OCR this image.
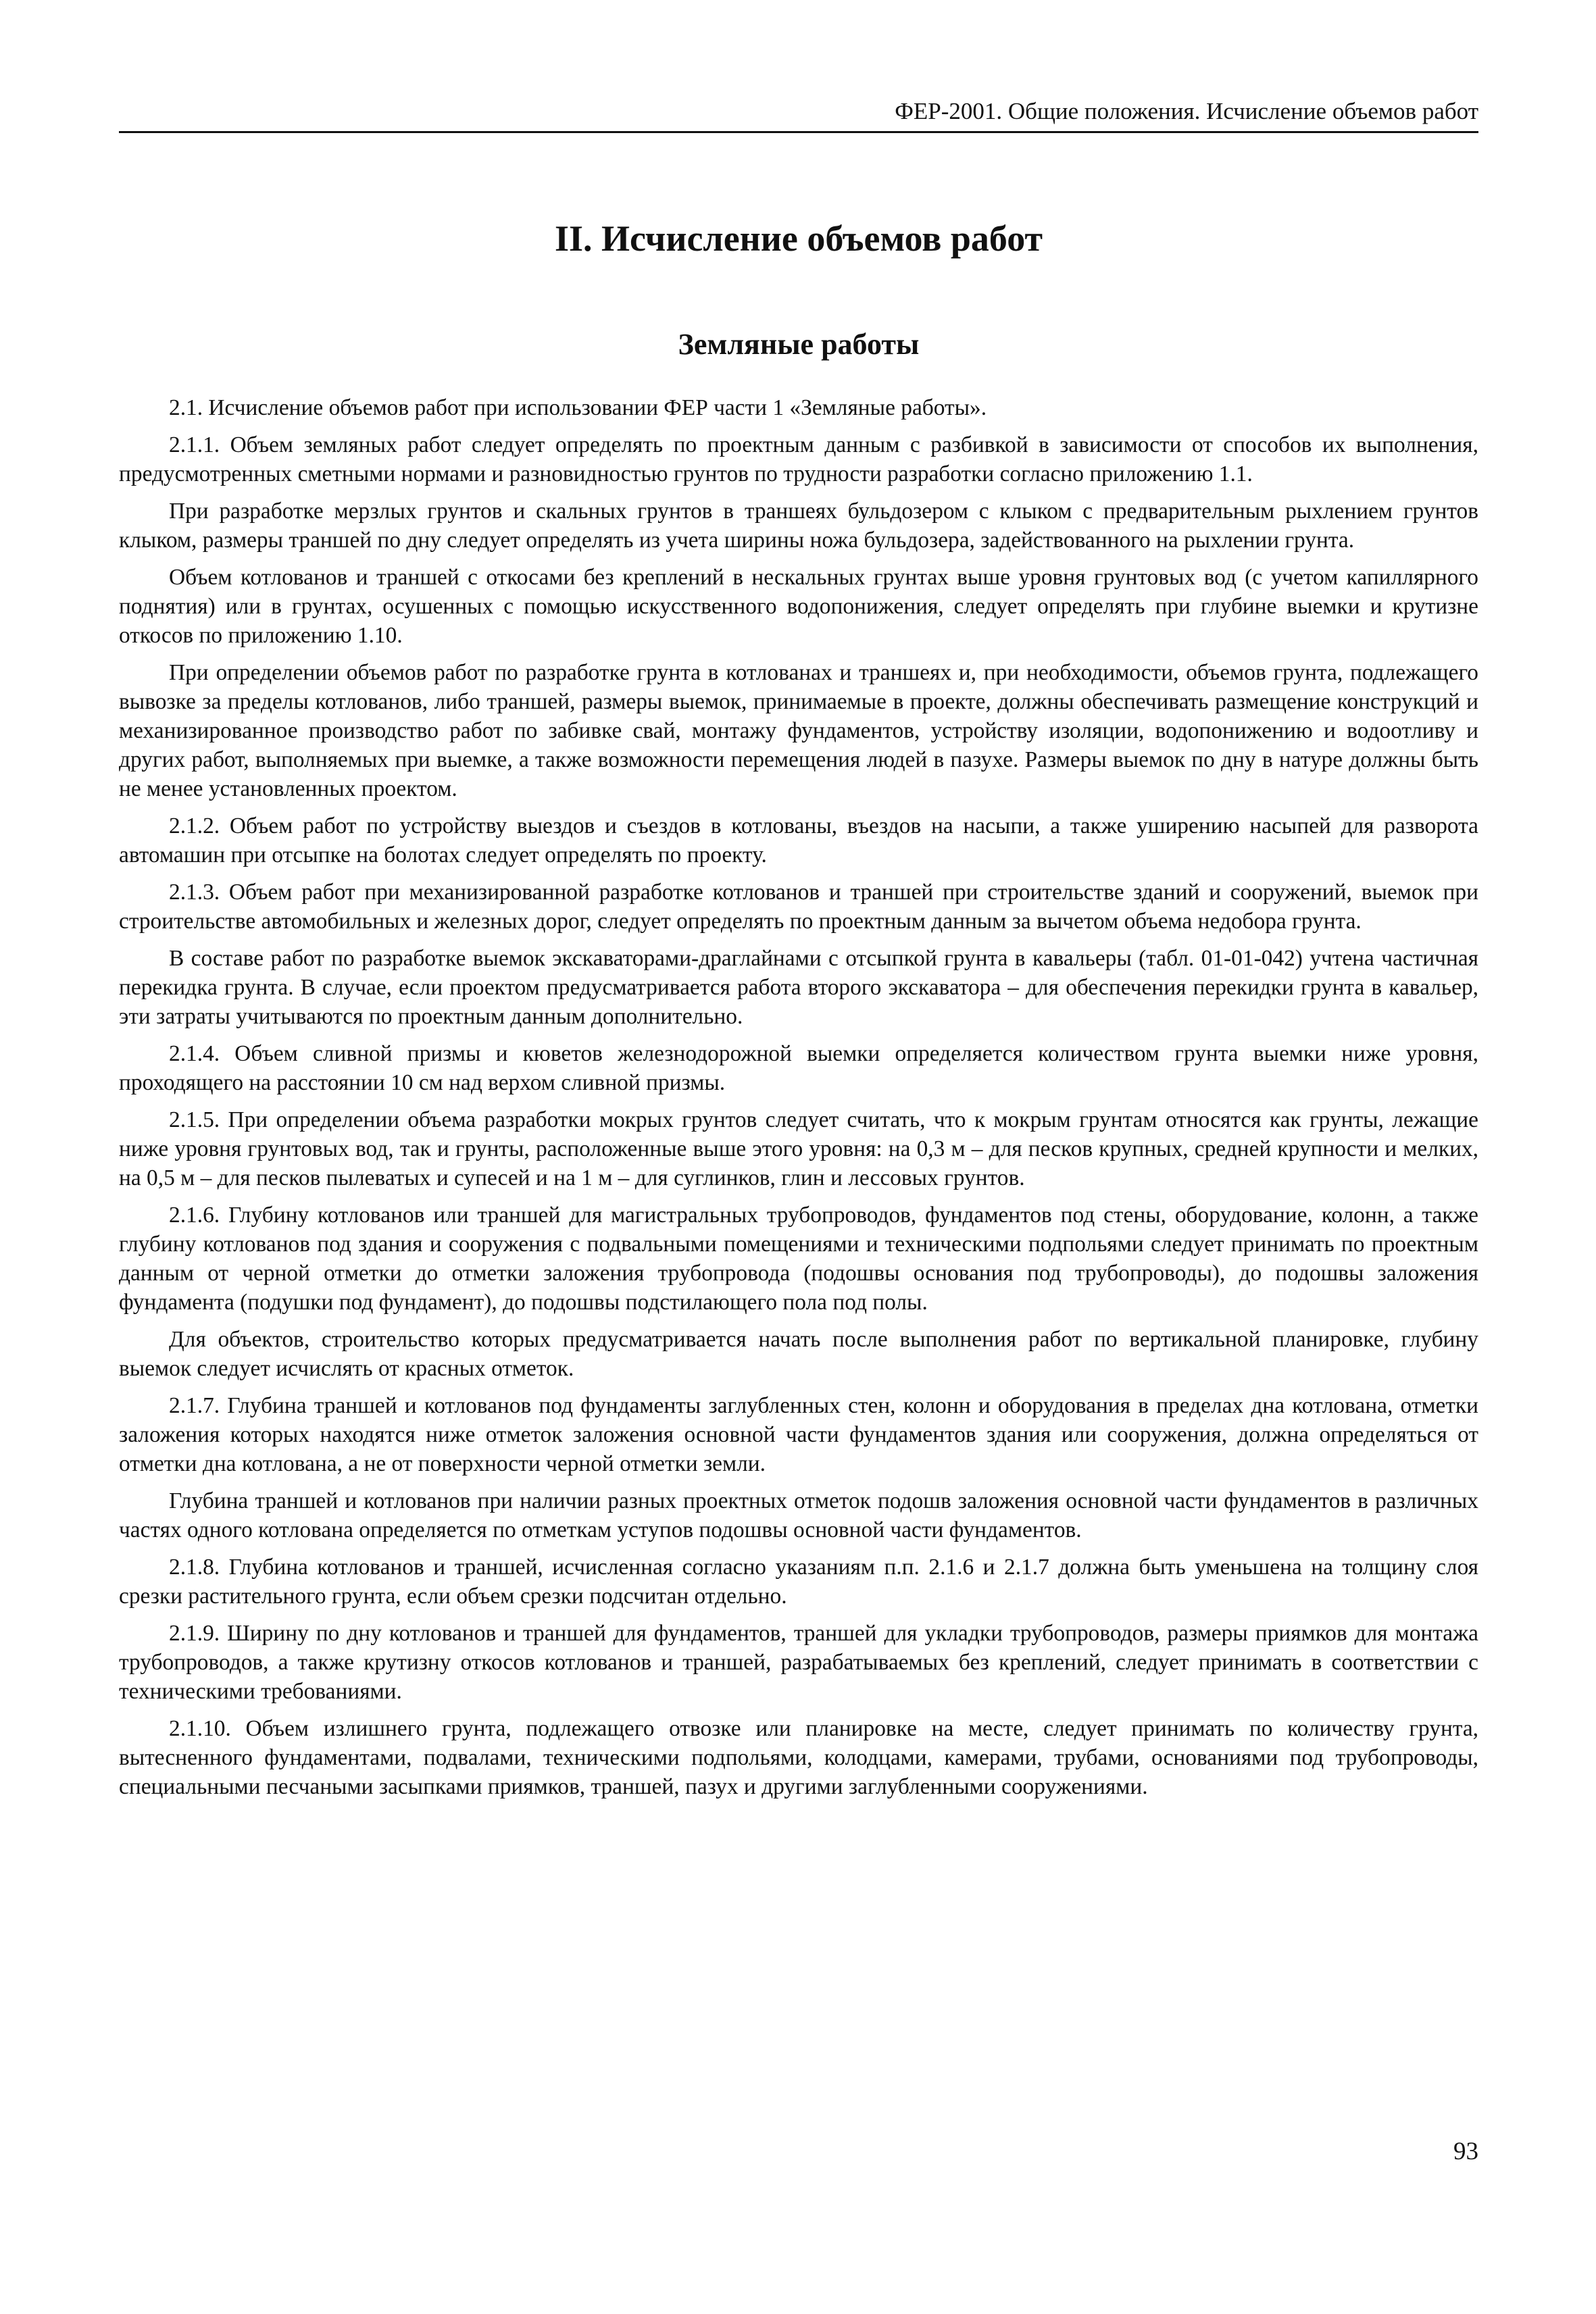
ФЕР-2001. Общие положения. Исчисление объемов работ
II. Исчисление объемов работ
Земляные работы

2.1. Исчисление объемов работ при использовании ФЕР части 1 «Земляные работы».

2.1.1. Объем земляных работ следует определять по проектным данным с разбивкой в зависимости от способов их выполнения, предусмотренных сметными нормами и разновидностью грунтов по трудности разработки согласно приложению 1.1.

При разработке мерзлых грунтов и скальных грунтов в траншеях бульдозером с клыком с предварительным рыхлением грунтов клыком, размеры траншей по дну следует определять из учета ширины ножа бульдозера, задействованного на рыхлении грунта.

Объем котлованов и траншей с откосами без креплений в нескальных грунтах выше уровня грунтовых вод (с учетом капиллярного поднятия) или в грунтах, осушенных с помощью искусственного водопонижения, следует определять при глубине выемки и крутизне откосов по приложению 1.10.

При определении объемов работ по разработке грунта в котлованах и траншеях и, при необходимости, объемов грунта, подлежащего вывозке за пределы котлованов, либо траншей, размеры выемок, принимаемые в проекте, должны обеспечивать размещение конструкций и механизированное производство работ по забивке свай, монтажу фундаментов, устройству изоляции, водопонижению и водоотливу и других работ, выполняемых при выемке, а также возможности перемещения людей в пазухе. Размеры выемок по дну в натуре должны быть не менее установленных проектом.

2.1.2. Объем работ по устройству выездов и съездов в котлованы, въездов на насыпи, а также уширению насыпей для разворота автомашин при отсыпке на болотах следует определять по проекту.

2.1.3. Объем работ при механизированной разработке котлованов и траншей при строительстве зданий и сооружений, выемок при строительстве автомобильных и железных дорог, следует определять по проектным данным за вычетом объема недобора грунта.

В составе работ по разработке выемок экскаваторами-драглайнами с отсыпкой грунта в кавальеры (табл. 01-01-042) учтена частичная перекидка грунта. В случае, если проектом предусматривается работа второго экскаватора – для обеспечения перекидки грунта в кавальер, эти затраты учитываются по проектным данным дополнительно.

2.1.4. Объем сливной призмы и кюветов железнодорожной выемки определяется количеством грунта выемки ниже уровня, проходящего на расстоянии 10 см над верхом сливной призмы.

2.1.5. При определении объема разработки мокрых грунтов следует считать, что к мокрым грунтам относятся как грунты, лежащие ниже уровня грунтовых вод, так и грунты, расположенные выше этого уровня: на 0,3 м – для песков крупных, средней крупности и мелких, на 0,5 м – для песков пылеватых и супесей и на 1 м – для суглинков, глин и лессовых грунтов.

2.1.6. Глубину котлованов или траншей для магистральных трубопроводов, фундаментов под стены, оборудование, колонн, а также глубину котлованов под здания и сооружения с подвальными помещениями и техническими подпольями следует принимать по проектным данным от черной отметки до отметки заложения трубопровода (подошвы основания под трубопроводы), до подошвы заложения фундамента (подушки под фундамент), до подошвы подстилающего пола под полы.

Для объектов, строительство которых предусматривается начать после выполнения работ по вертикальной планировке, глубину выемок следует исчислять от красных отметок.

2.1.7. Глубина траншей и котлованов под фундаменты заглубленных стен, колонн и оборудования в пределах дна котлована, отметки заложения которых находятся ниже отметок заложения основной части фундаментов здания или сооружения, должна определяться от отметки дна котлована, а не от поверхности черной отметки земли.

Глубина траншей и котлованов при наличии разных проектных отметок подошв заложения основной части фундаментов в различных частях одного котлована определяется по отметкам уступов подошвы основной части фундаментов.

2.1.8. Глубина котлованов и траншей, исчисленная согласно указаниям п.п. 2.1.6 и 2.1.7 должна быть уменьшена на толщину слоя срезки растительного грунта, если объем срезки подсчитан отдельно.

2.1.9. Ширину по дну котлованов и траншей для фундаментов, траншей для укладки трубопроводов, размеры приямков для монтажа трубопроводов, а также крутизну откосов котлованов и траншей, разрабатываемых без креплений, следует принимать в соответствии с техническими требованиями.

2.1.10. Объем излишнего грунта, подлежащего отвозке или планировке на месте, следует принимать по количеству грунта, вытесненного фундаментами, подвалами, техническими подпольями, колодцами, камерами, трубами, основаниями под трубопроводы, специальными песчаными засыпками приямков, траншей, пазух и другими заглубленными сооружениями.

93
